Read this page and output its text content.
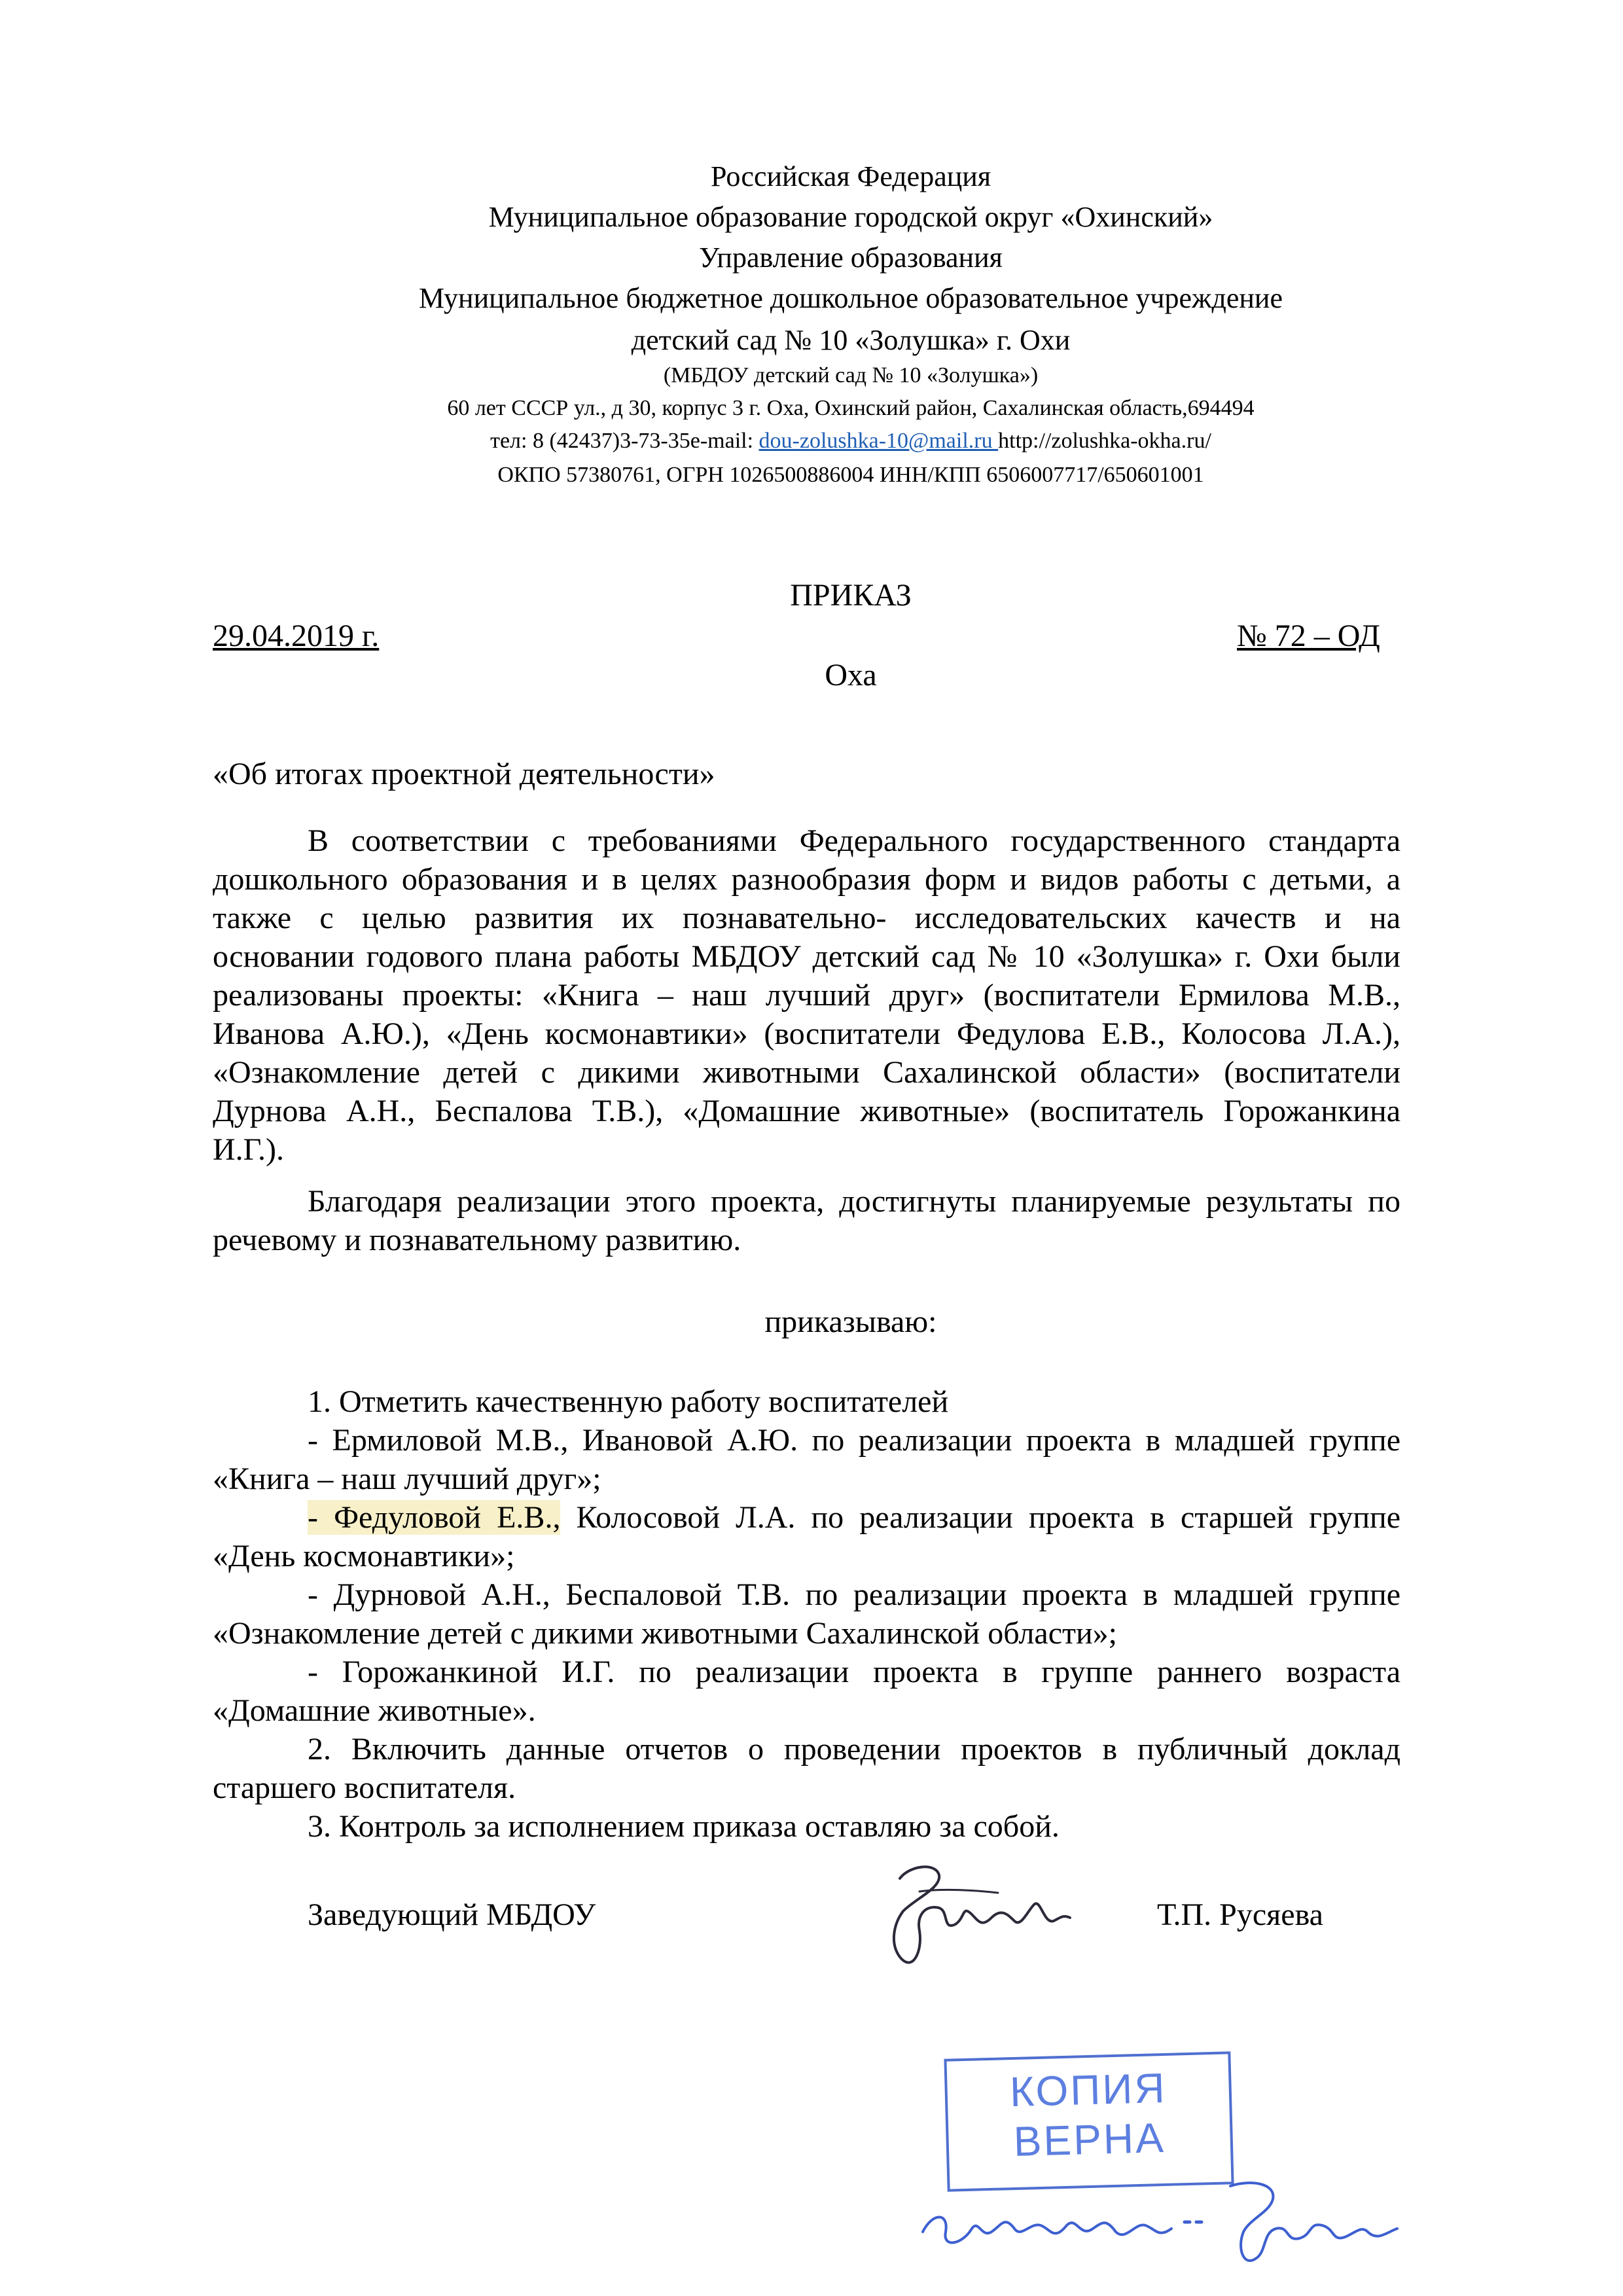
Российская Федерация
Муниципальное образование городской округ «Охинский»
Управление образования
Муниципальное бюджетное дошкольное образовательное учреждение
детский сад № 10 «Золушка» г. Охи
(МБДОУ детский сад № 10 «Золушка»)
60 лет СССР ул., д 30, корпус 3 г. Оха, Охинский район, Сахалинская область,694494
тел: 8 (42437)3-73-35е-mail: dou-zolushka-10@mail.ru http://zolushka-okha.ru/
ОКПО 57380761, ОГРН 1026500886004 ИНН/КПП 6506007717/650601001
ПРИКАЗ
29.04.2019 г.	№ 72 – ОД
Оха
«Об итогах проектной деятельности»
В соответствии с требованиями Федерального государственного стандарта
дошкольного образования и в целях разнообразия форм и видов работы с детьми, а
также с целью развития их познавательно- исследовательских качеств и на
основании годового плана работы МБДОУ детский сад № 10 «Золушка» г. Охи были
реализованы проекты: «Книга – наш лучший друг» (воспитатели Ермилова М.В.,
Иванова А.Ю.), «День космонавтики» (воспитатели Федулова Е.В., Колосова Л.А.),
«Ознакомление детей с дикими животными Сахалинской области» (воспитатели
Дурнова А.Н., Беспалова Т.В.), «Домашние животные» (воспитатель Горожанкина
И.Г.).
Благодаря реализации этого проекта, достигнуты планируемые результаты по
речевому и познавательному развитию.
приказываю:
1. Отметить качественную работу воспитателей
- Ермиловой М.В., Ивановой А.Ю. по реализации проекта в младшей группе
«Книга – наш лучший друг»;
- Федуловой Е.В., Колосовой Л.А. по реализации проекта в старшей группе
«День космонавтики»;
- Дурновой А.Н., Беспаловой Т.В. по реализации проекта в младшей группе
«Ознакомление детей с дикими животными Сахалинской области»;
- Горожанкиной И.Г. по реализации проекта в группе раннего возраста
«Домашние животные».
2. Включить данные отчетов о проведении проектов в публичный доклад
старшего воспитателя.
3. Контроль за исполнением приказа оставляю за собой.
Заведующий МБДОУ	Т.П. Русяева
КОПИЯ
ВЕРНА
